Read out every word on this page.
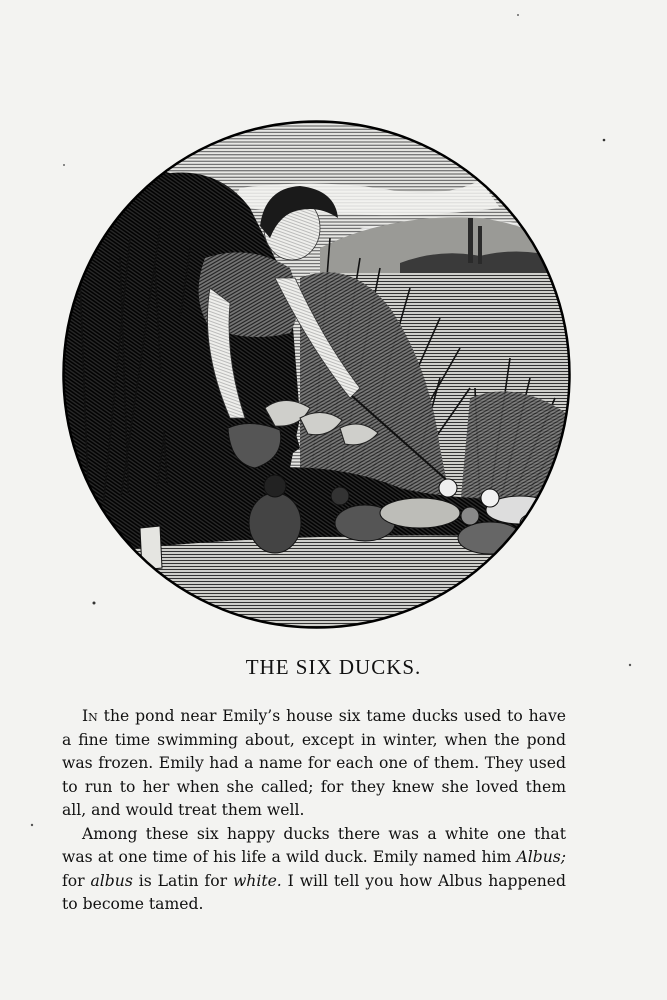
THE SIX DUCKS.

In the pond near Emily’s house six tame ducks used to have a fine time swimming about, except in winter, when the pond was frozen. Emily had a name for each one of them. They used to run to her when she called; for they knew she loved them all, and would treat them well.

Among these six happy ducks there was a white one that was at one time of his life a wild duck. Emily named him Albus; for albus is Latin for white. I will tell you how Albus happened to become tamed.
